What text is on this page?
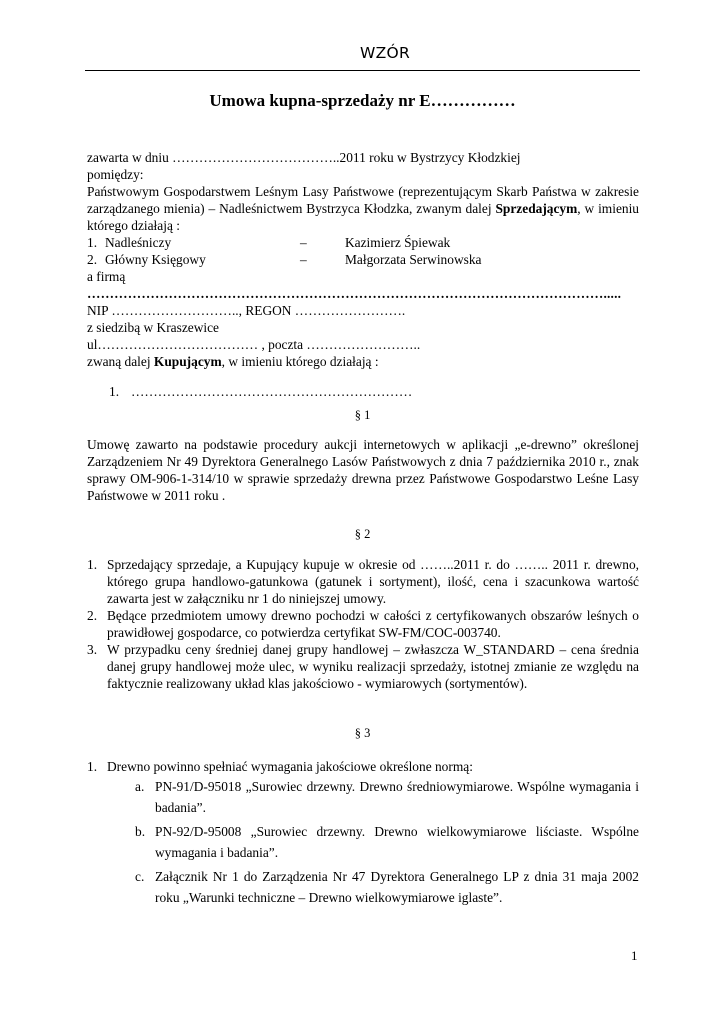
WZÓR
Umowa kupna-sprzedaży nr E……………

zawarta w dniu ………………………………..2011 roku w Bystrzycy Kłodzkiej

pomiędzy:

Państwowym Gospodarstwem Leśnym Lasy Państwowe (reprezentującym Skarb Państwa w zakresie zarządzanego mienia) – Nadleśnictwem Bystrzyca Kłodzka, zwanym dalej Sprzedającym, w imieniu którego działają :

1. Nadleśniczy	–	Kazimierz Śpiewak
2. Główny Księgowy	–	Małgorzata Serwinowska

a firmą

…………………………………………………………………………………………………….....

NIP ……………………….., REGON …………………….

z siedzibą w Kraszewice

ul……………………………… , poczta ……………………..

zwaną dalej Kupującym, w imieniu którego działają :

1. ………………………………………………………
§ 1
Umowę zawarto na podstawie procedury aukcji internetowych w aplikacji „e-drewno” określonej Zarządzeniem Nr 49 Dyrektora Generalnego Lasów Państwowych z dnia 7 października 2010 r., znak sprawy OM-906-1-314/10 w sprawie sprzedaży drewna przez Państwowe Gospodarstwo Leśne Lasy Państwowe w 2011 roku .
§ 2
1. Sprzedający sprzedaje, a Kupujący kupuje w okresie od ……..2011 r. do …….. 2011 r. drewno, którego grupa handlowo-gatunkowa (gatunek i sortyment), ilość, cena i szacunkowa wartość zawarta jest w załączniku nr 1 do niniejszej umowy.
2. Będące przedmiotem umowy drewno pochodzi w całości z certyfikowanych obszarów leśnych o prawidłowej gospodarce, co potwierdza certyfikat SW-FM/COC-003740.
3. W przypadku ceny średniej danej grupy handlowej – zwłaszcza W_STANDARD – cena średnia danej grupy handlowej może ulec, w wyniku realizacji sprzedaży, istotnej zmianie ze względu na faktycznie realizowany układ klas jakościowo - wymiarowych (sortymentów).
§ 3
1. Drewno powinno spełniać wymagania jakościowe określone normą:
a. PN-91/D-95018 „Surowiec drzewny. Drewno średniowymiarowe. Wspólne wymagania i badania”.
b. PN-92/D-95008 „Surowiec drzewny. Drewno wielkowymiarowe liściaste. Wspólne wymagania i badania”.
c. Załącznik Nr 1 do Zarządzenia Nr 47 Dyrektora Generalnego LP z dnia 31 maja 2002 roku „Warunki techniczne – Drewno wielkowymiarowe iglaste”.
1
